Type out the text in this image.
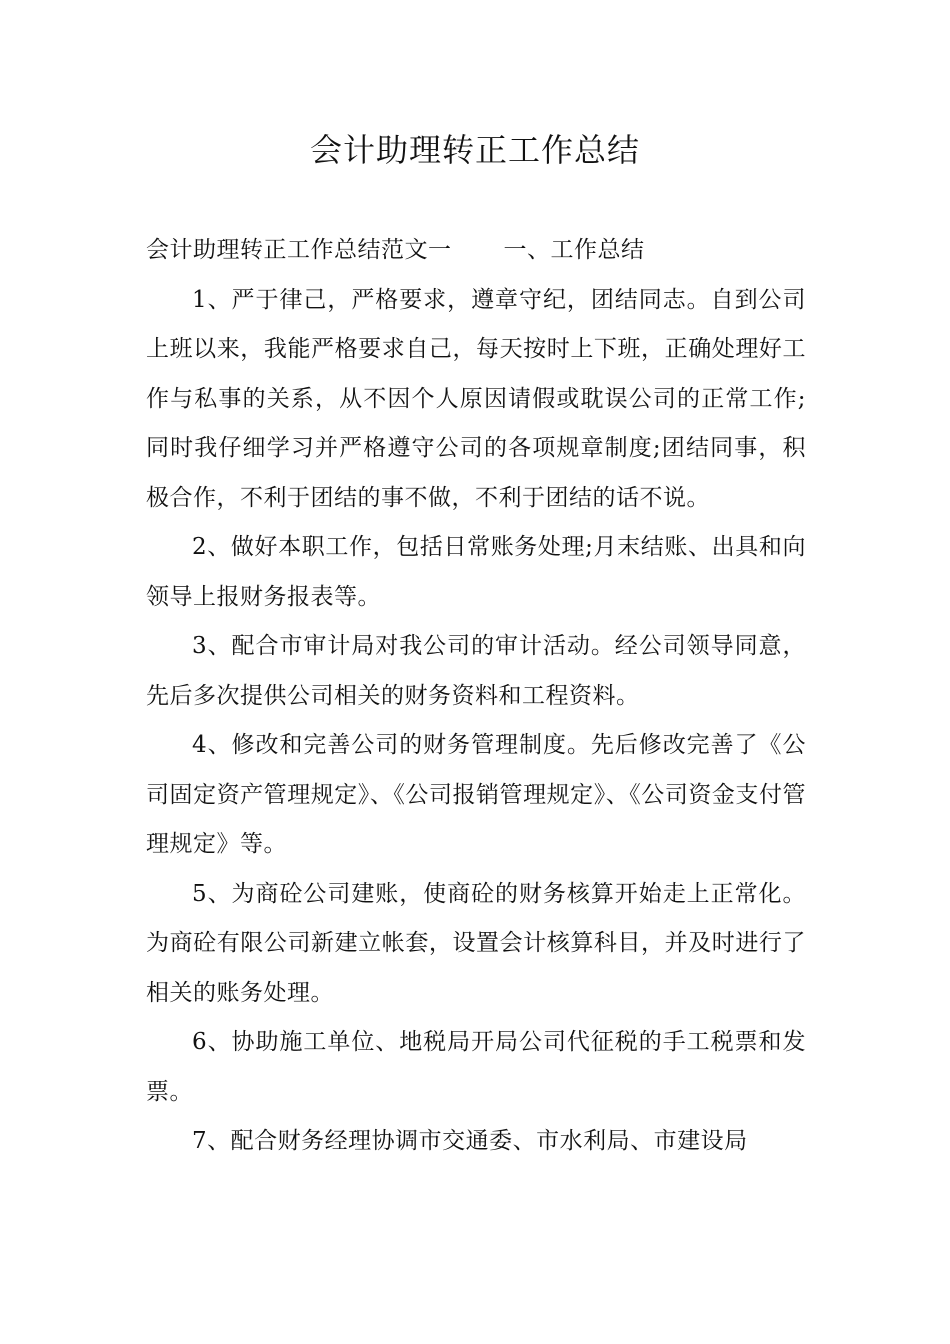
会计助理转正工作总结

会计助理转正工作总结范文一 一、工作总结

1、严于律己，严格要求，遵章守纪，团结同志。自到公司上班以来，我能严格要求自己，每天按时上下班，正确处理好工作与私事的关系，从不因个人原因请假或耽误公司的正常工作;同时我仔细学习并严格遵守公司的各项规章制度;团结同事，积极合作，不利于团结的事不做，不利于团结的话不说。

2、做好本职工作，包括日常账务处理;月末结账、出具和向领导上报财务报表等。

3、配合市审计局对我公司的审计活动。经公司领导同意，先后多次提供公司相关的财务资料和工程资料。

4、修改和完善公司的财务管理制度。先后修改完善了《公司固定资产管理规定》、《公司报销管理规定》、《公司资金支付管理规定》等。

5、为商砼公司建账，使商砼的财务核算开始走上正常化。为商砼有限公司新建立帐套，设置会计核算科目，并及时进行了相关的账务处理。

6、协助施工单位、地税局开局公司代征税的手工税票和发票。

7、配合财务经理协调市交通委、市水利局、市建设局
